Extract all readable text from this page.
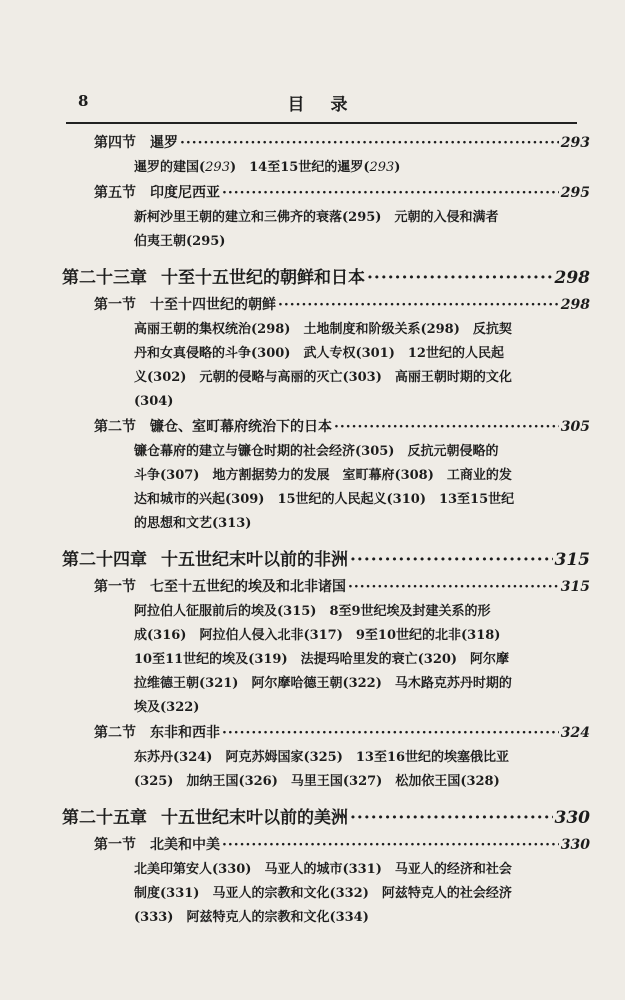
8	目 录
第四节 暹罗 ·····	293
暹罗的建国(293)　14至15世纪的暹罗(293)
第五节 印度尼西亚 ·····	295
新柯沙里王朝的建立和三佛齐的衰落(295)　元朝的入侵和满者
伯夷王朝(295)
第二十三章 十至十五世纪的朝鲜和日本 ·····	298
第一节 十至十四世纪的朝鲜 ·····	298
高丽王朝的集权统治(298)　土地制度和阶级关系(298)　反抗契
丹和女真侵略的斗争(300)　武人专权(301)　12世纪的人民起
义(302)　元朝的侵略与高丽的灭亡(303)　高丽王朝时期的文化
(304)
第二节 镰仓、室町幕府统治下的日本 ·····	305
镰仓幕府的建立与镰仓时期的社会经济(305)　反抗元朝侵略的
斗争(307)　地方割据势力的发展　室町幕府(308)　工商业的发
达和城市的兴起(309)　15世纪的人民起义(310)　13至15世纪
的思想和文艺(313)
第二十四章 十五世纪末叶以前的非洲 ·····	315
第一节 七至十五世纪的埃及和北非诸国 ·····	315
阿拉伯人征服前后的埃及(315)　8至9世纪埃及封建关系的形
成(316)　阿拉伯人侵入北非(317)　9至10世纪的北非(318)
10至11世纪的埃及(319)　法提玛哈里发的衰亡(320)　阿尔摩
拉维德王朝(321)　阿尔摩哈德王朝(322)　马木路克苏丹时期的
埃及(322)
第二节 东非和西非 ·····	324
东苏丹(324)　阿克苏姆国家(325)　13至16世纪的埃塞俄比亚
(325)　加纳王国(326)　马里王国(327)　松加依王国(328)
第二十五章 十五世纪末叶以前的美洲 ·····	330
第一节 北美和中美 ·····	330
北美印第安人(330)　马亚人的城市(331)　马亚人的经济和社会
制度(331)　马亚人的宗教和文化(332)　阿兹特克人的社会经济
(333)　阿兹特克人的宗教和文化(334)
